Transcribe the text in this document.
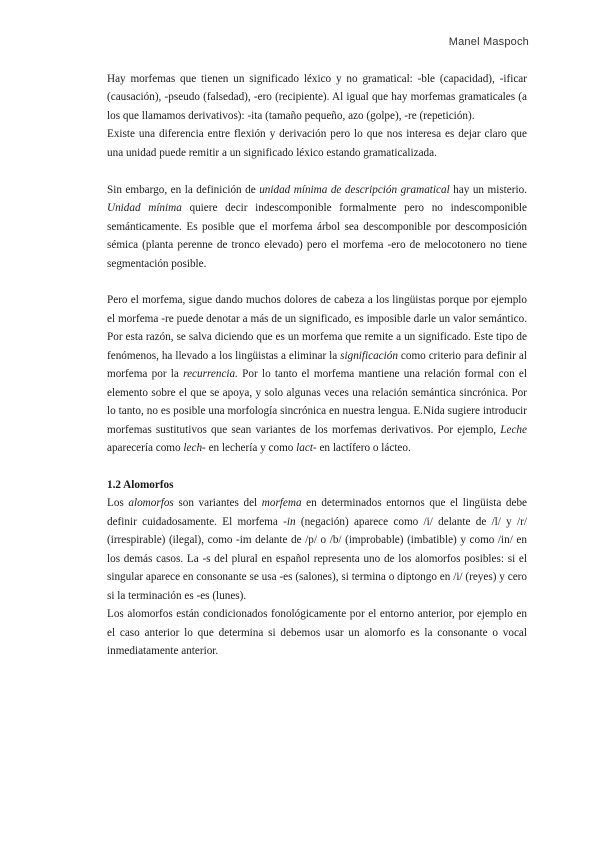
Manel Maspoch

Hay morfemas que tienen un significado léxico y no gramatical: -ble (capacidad), -ificar (causación), -pseudo (falsedad), -ero (recipiente). Al igual que hay morfemas gramaticales (a los que llamamos derivativos): -ita (tamaño pequeño, azo (golpe), -re (repetición).

Existe una diferencia entre flexión y derivación pero lo que nos interesa es dejar claro que una unidad puede remitir a un significado léxico estando gramaticalizada.

Sin embargo, en la definición de unidad mínima de descripción gramatical hay un misterio. Unidad mínima quiere decir indescomponible formalmente pero no indescomponible semánticamente. Es posible que el morfema árbol sea descomponible por descomposición sémica (planta perenne de tronco elevado) pero el morfema -ero de melocotonero no tiene segmentación posible.

Pero el morfema, sigue dando muchos dolores de cabeza a los lingüistas porque por ejemplo el morfema -re puede denotar a más de un significado, es imposible darle un valor semántico. Por esta razón, se salva diciendo que es un morfema que remite a un significado. Este tipo de fenómenos, ha llevado a los lingüistas a eliminar la significación como criterio para definir al morfema por la recurrencia. Por lo tanto el morfema mantiene una relación formal con el elemento sobre el que se apoya, y solo algunas veces una relación semántica sincrónica. Por lo tanto, no es posible una morfología sincrónica en nuestra lengua. E.Nida sugiere introducir morfemas sustitutivos que sean variantes de los morfemas derivativos. Por ejemplo, Leche aparecería como lech- en lechería y como lact- en lactífero o lácteo.

1.2 Alomorfos

Los alomorfos son variantes del morfema en determinados entornos que el lingüista debe definir cuidadosamente. El morfema -in (negación) aparece como /i/ delante de /l/ y /r/ (irrespirable) (ilegal), como -im delante de /p/ o /b/ (improbable) (imbatible) y como /in/ en los demás casos. La -s del plural en español representa uno de los alomorfos posibles: si el singular aparece en consonante se usa -es (salones), si termina o diptongo en /i/ (reyes) y cero si la terminación es -es (lunes).

Los alomorfos están condicionados fonológicamente por el entorno anterior, por ejemplo en el caso anterior lo que determina si debemos usar un alomorfo es la consonante o vocal inmediatamente anterior.
